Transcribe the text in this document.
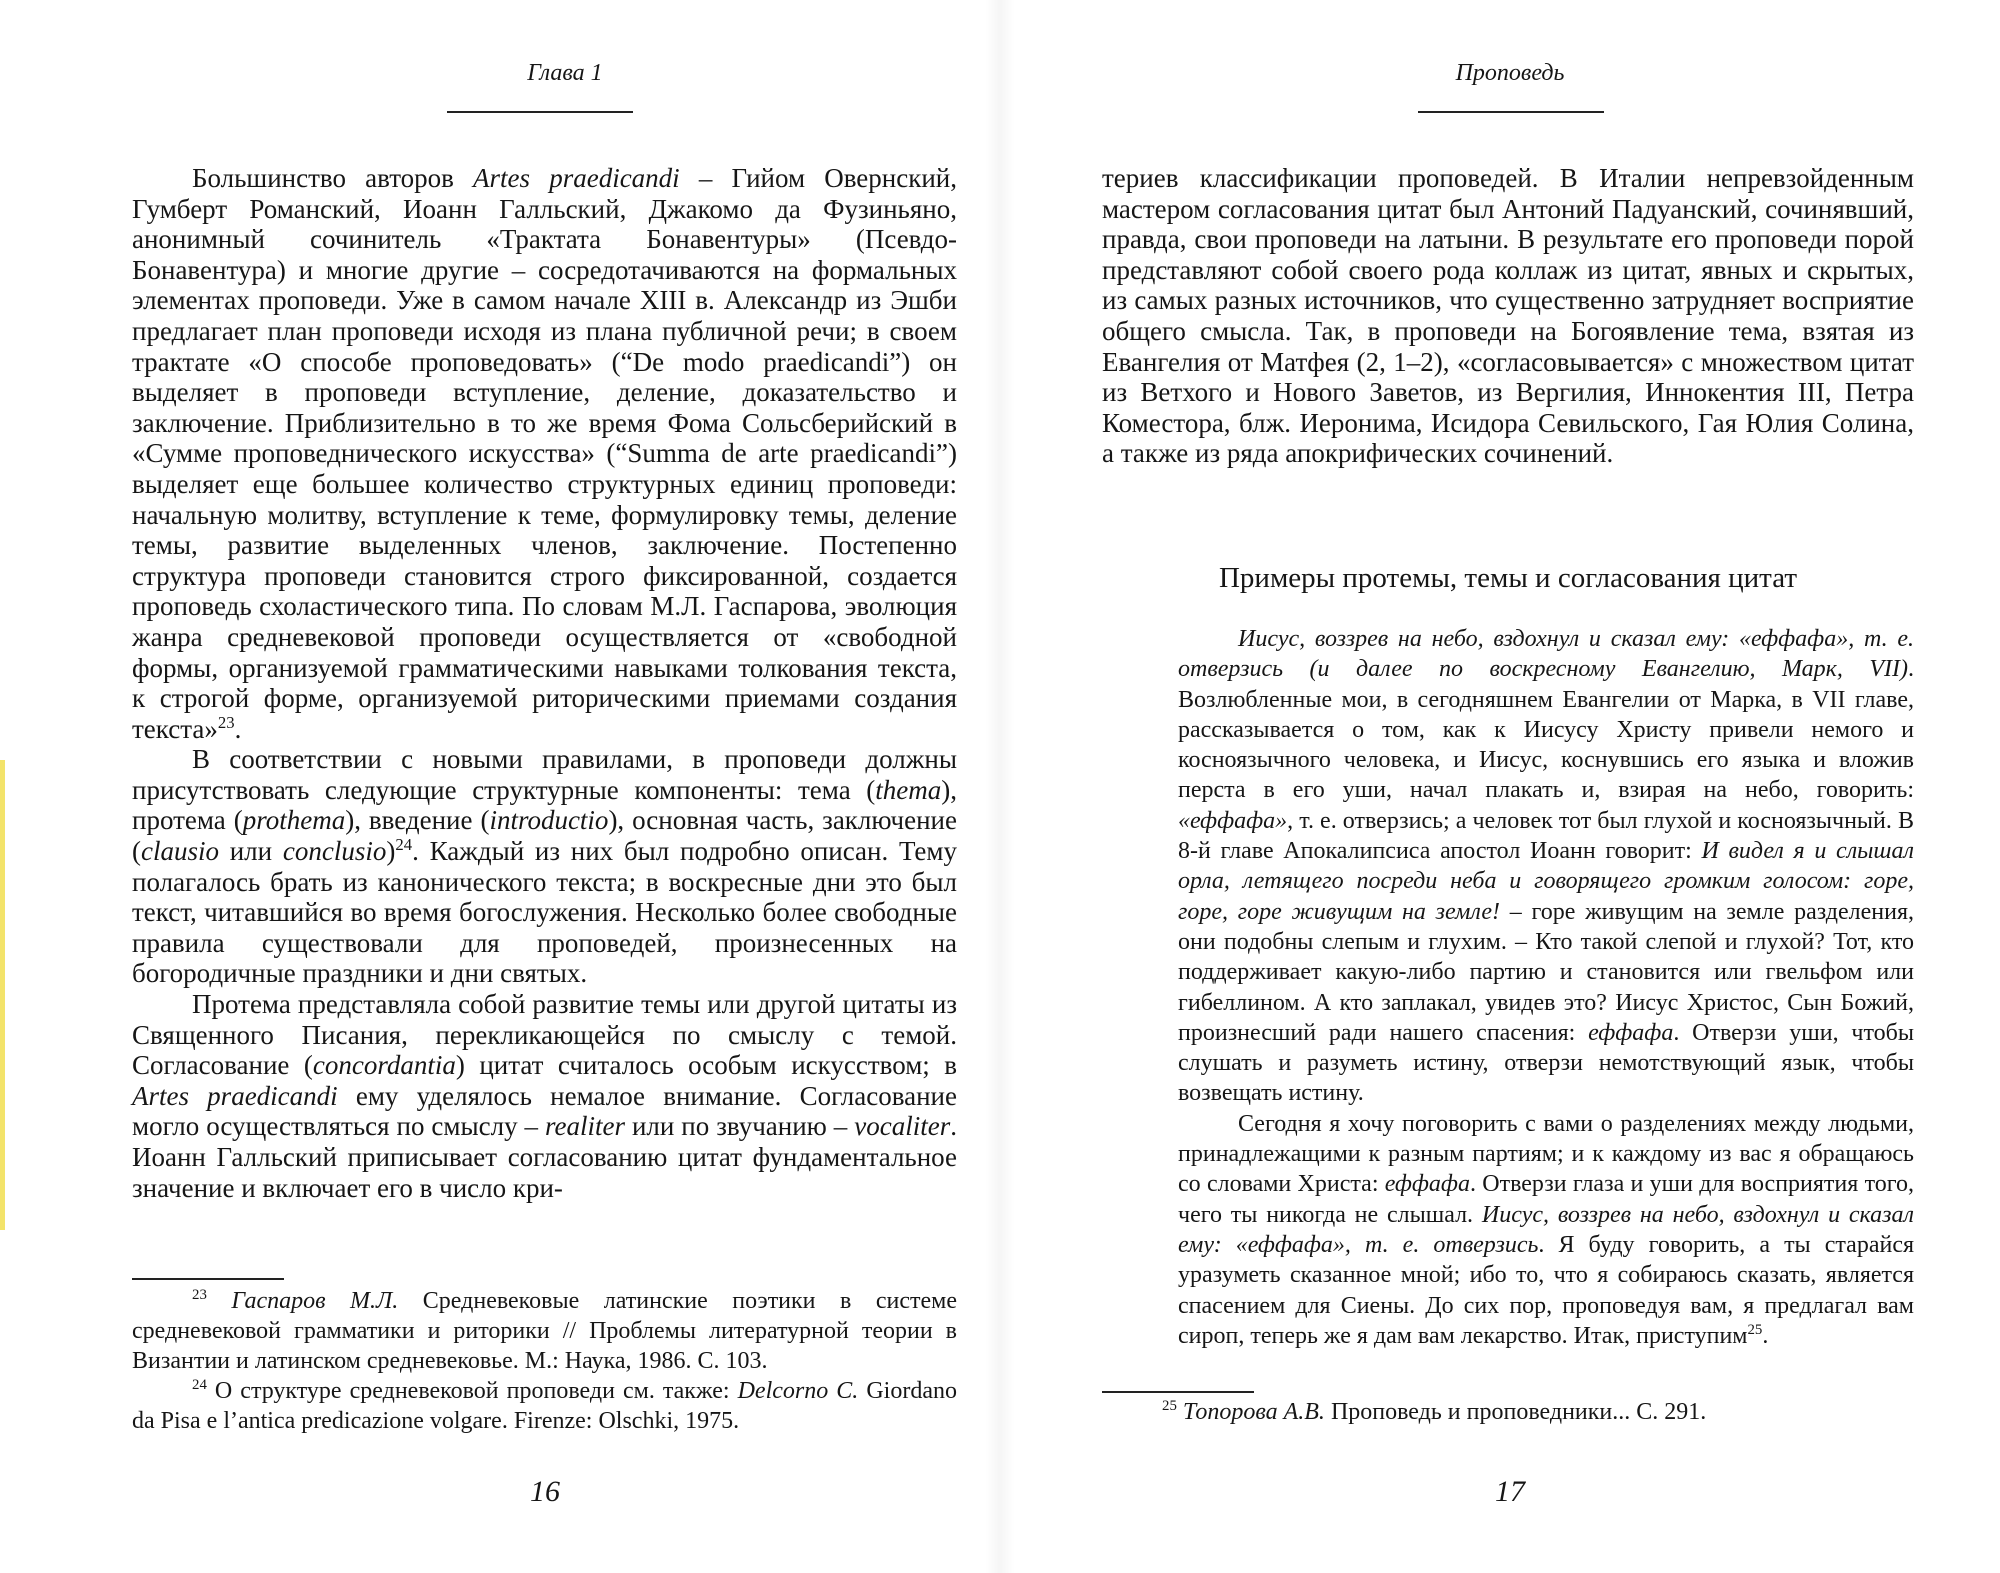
Глава 1

Большинство авторов Artes praedicandi – Гийом Овернский, Гумберт Романский, Иоанн Галльский, Джакомо да Фузиньяно, анонимный сочинитель «Трактата Бонавентуры» (Псевдо-Бонавентура) и многие другие – сосредотачиваются на формальных элементах проповеди. Уже в самом начале XIII в. Александр из Эшби предлагает план проповеди исходя из плана публичной речи; в своем трактате «О способе проповедовать» (“De modo praedicandi”) он выделяет в проповеди вступление, деление, доказательство и заключение. Приблизительно в то же время Фома Сольсберийский в «Сумме проповеднического искусства» (“Summa de arte praedicandi”) выделяет еще большее количество структурных единиц проповеди: начальную молитву, вступление к теме, формулировку темы, деление темы, развитие выделенных членов, заключение. Постепенно структура проповеди становится строго фиксированной, создается проповедь схоластического типа. По словам М.Л. Гаспарова, эволюция жанра средневековой проповеди осуществляется от «свободной формы, организуемой грамматическими навыками толкования текста, к строгой форме, организуемой риторическими приемами создания текста»$^{23}$.

В соответствии с новыми правилами, в проповеди должны присутствовать следующие структурные компоненты: тема (thema), протема (prothema), введение (introductio), основная часть, заключение (clausio или conclusio)$^{24}$. Каждый из них был подробно описан. Тему полагалось брать из канонического текста; в воскресные дни это был текст, читавшийся во время богослужения. Несколько более свободные правила существовали для проповедей, произнесенных на богородичные праздники и дни святых.

Протема представляла собой развитие темы или другой цитаты из Священного Писания, перекликающейся по смыслу с темой. Согласование (concordantia) цитат считалось особым искусством; в Artes praedicandi ему уделялось немалое внимание. Согласование могло осуществляться по смыслу – realiter или по звучанию – vocaliter. Иоанн Галльский приписывает согласованию цитат фундаментальное значение и включает его в число кри-

$^{23}$ Гаспаров М.Л. Средневековые латинские поэтики в системе средневековой грамматики и риторики // Проблемы литературной теории в Византии и латинском средневековье. М.: Наука, 1986. С. 103.

$^{24}$ О структуре средневековой проповеди см. также: Delcorno C. Giordano da Pisa e l’antica predicazione volgare. Firenze: Olschki, 1975.

16
Проповедь

териев классификации проповедей. В Италии непревзойденным мастером согласования цитат был Антоний Падуанский, сочинявший, правда, свои проповеди на латыни. В результате его проповеди порой представляют собой своего рода коллаж из цитат, явных и скрытых, из самых разных источников, что существенно затрудняет восприятие общего смысла. Так, в проповеди на Богоявление тема, взятая из Евангелия от Матфея (2, 1–2), «согласовывается» с множеством цитат из Ветхого и Нового Заветов, из Вергилия, Иннокентия III, Петра Коместора, блж. Иеронима, Исидора Севильского, Гая Юлия Солина, а также из ряда апокрифических сочинений.

Примеры протемы, темы и согласования цитат

Иисус, воззрев на небо, вздохнул и сказал ему: «еффафа», т. е. отверзись (и далее по воскресному Евангелию, Марк, VII). Возлюбленные мои, в сегодняшнем Евангелии от Марка, в VII главе, рассказывается о том, как к Иисусу Христу привели немого и косноязычного человека, и Иисус, коснувшись его языка и вложив перста в его уши, начал плакать и, взирая на небо, говорить: «еффафа», т. е. отверзись; а человек тот был глухой и косноязычный. В 8-й главе Апокалипсиса апостол Иоанн говорит: И видел я и слышал орла, летящего посреди неба и говорящего громким голосом: горе, горе, горе живущим на земле! – горе живущим на земле разделения, они подобны слепым и глухим. – Кто такой слепой и глухой? Тот, кто поддерживает какую-либо партию и становится или гвельфом или гибеллином. А кто заплакал, увидев это? Иисус Христос, Сын Божий, произнесший ради нашего спасения: еффафа. Отверзи уши, чтобы слушать и разуметь истину, отверзи немотствующий язык, чтобы возвещать истину.

Сегодня я хочу поговорить с вами о разделениях между людьми, принадлежащими к разным партиям; и к каждому из вас я обращаюсь со словами Христа: еффафа. Отверзи глаза и уши для восприятия того, чего ты никогда не слышал. Иисус, воззрев на небо, вздохнул и сказал ему: «еффафа», т. е. отверзись. Я буду говорить, а ты старайся уразуметь сказанное мной; ибо то, что я собираюсь сказать, является спасением для Сиены. До сих пор, проповедуя вам, я предлагал вам сироп, теперь же я дам вам лекарство. Итак, приступим$^{25}$.

$^{25}$ Топорова А.В. Проповедь и проповедники... С. 291.

17
